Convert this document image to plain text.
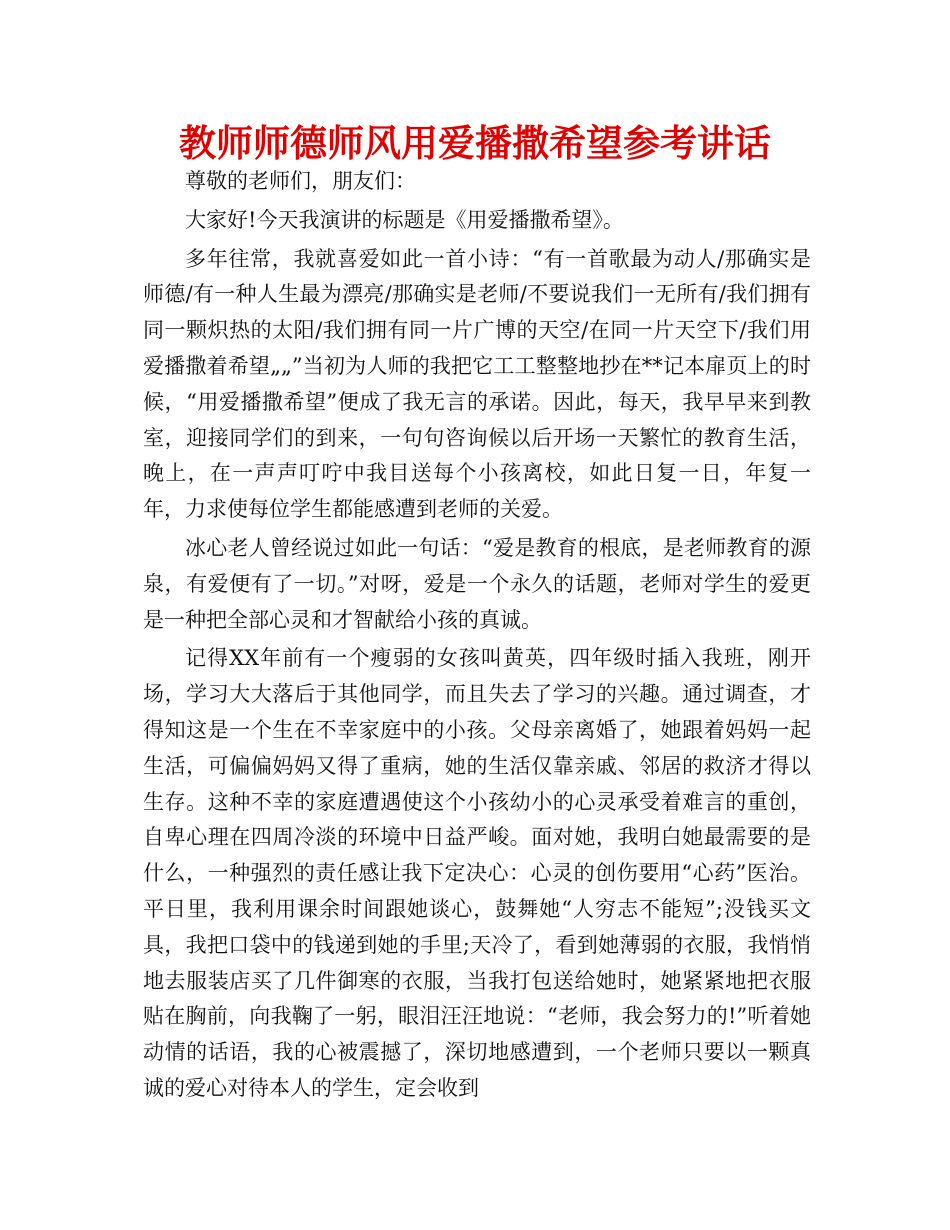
教师师德师风用爱播撒希望参考讲话

尊敬的老师们，朋友们：

大家好!今天我演讲的标题是《用爱播撒希望》。

多年往常，我就喜爱如此一首小诗：“有一首歌最为动人/那确实是师德/有一种人生最为漂亮/那确实是老师/不要说我们一无所有/我们拥有同一颗炽热的太阳/我们拥有同一片广博的天空/在同一片天空下/我们用爱播撒着希望„„”当初为人师的我把它工工整整地抄在**记本扉页上的时候，“用爱播撒希望”便成了我无言的承诺。因此，每天，我早早来到教室，迎接同学们的到来，一句句咨询候以后开场一天繁忙的教育生活，晚上，在一声声叮咛中我目送每个小孩离校，如此日复一日，年复一年，力求使每位学生都能感遭到老师的关爱。

冰心老人曾经说过如此一句话：“爱是教育的根底，是老师教育的源泉，有爱便有了一切。”对呀，爱是一个永久的话题，老师对学生的爱更是一种把全部心灵和才智献给小孩的真诚。

记得XX年前有一个瘦弱的女孩叫黄英，四年级时插入我班，刚开场，学习大大落后于其他同学，而且失去了学习的兴趣。通过调查，才得知这是一个生在不幸家庭中的小孩。父母亲离婚了，她跟着妈妈一起生活，可偏偏妈妈又得了重病，她的生活仅靠亲戚、邻居的救济才得以生存。这种不幸的家庭遭遇使这个小孩幼小的心灵承受着难言的重创，自卑心理在四周冷淡的环境中日益严峻。面对她，我明白她最需要的是什么，一种强烈的责任感让我下定决心：心灵的创伤要用“心药”医治。平日里，我利用课余时间跟她谈心，鼓舞她“人穷志不能短”;没钱买文具，我把口袋中的钱递到她的手里;天冷了，看到她薄弱的衣服，我悄悄地去服装店买了几件御寒的衣服，当我打包送给她时，她紧紧地把衣服贴在胸前，向我鞠了一躬，眼泪汪汪地说：“老师，我会努力的!”听着她动情的话语，我的心被震撼了，深切地感遭到，一个老师只要以一颗真诚的爱心对待本人的学生，定会收到
